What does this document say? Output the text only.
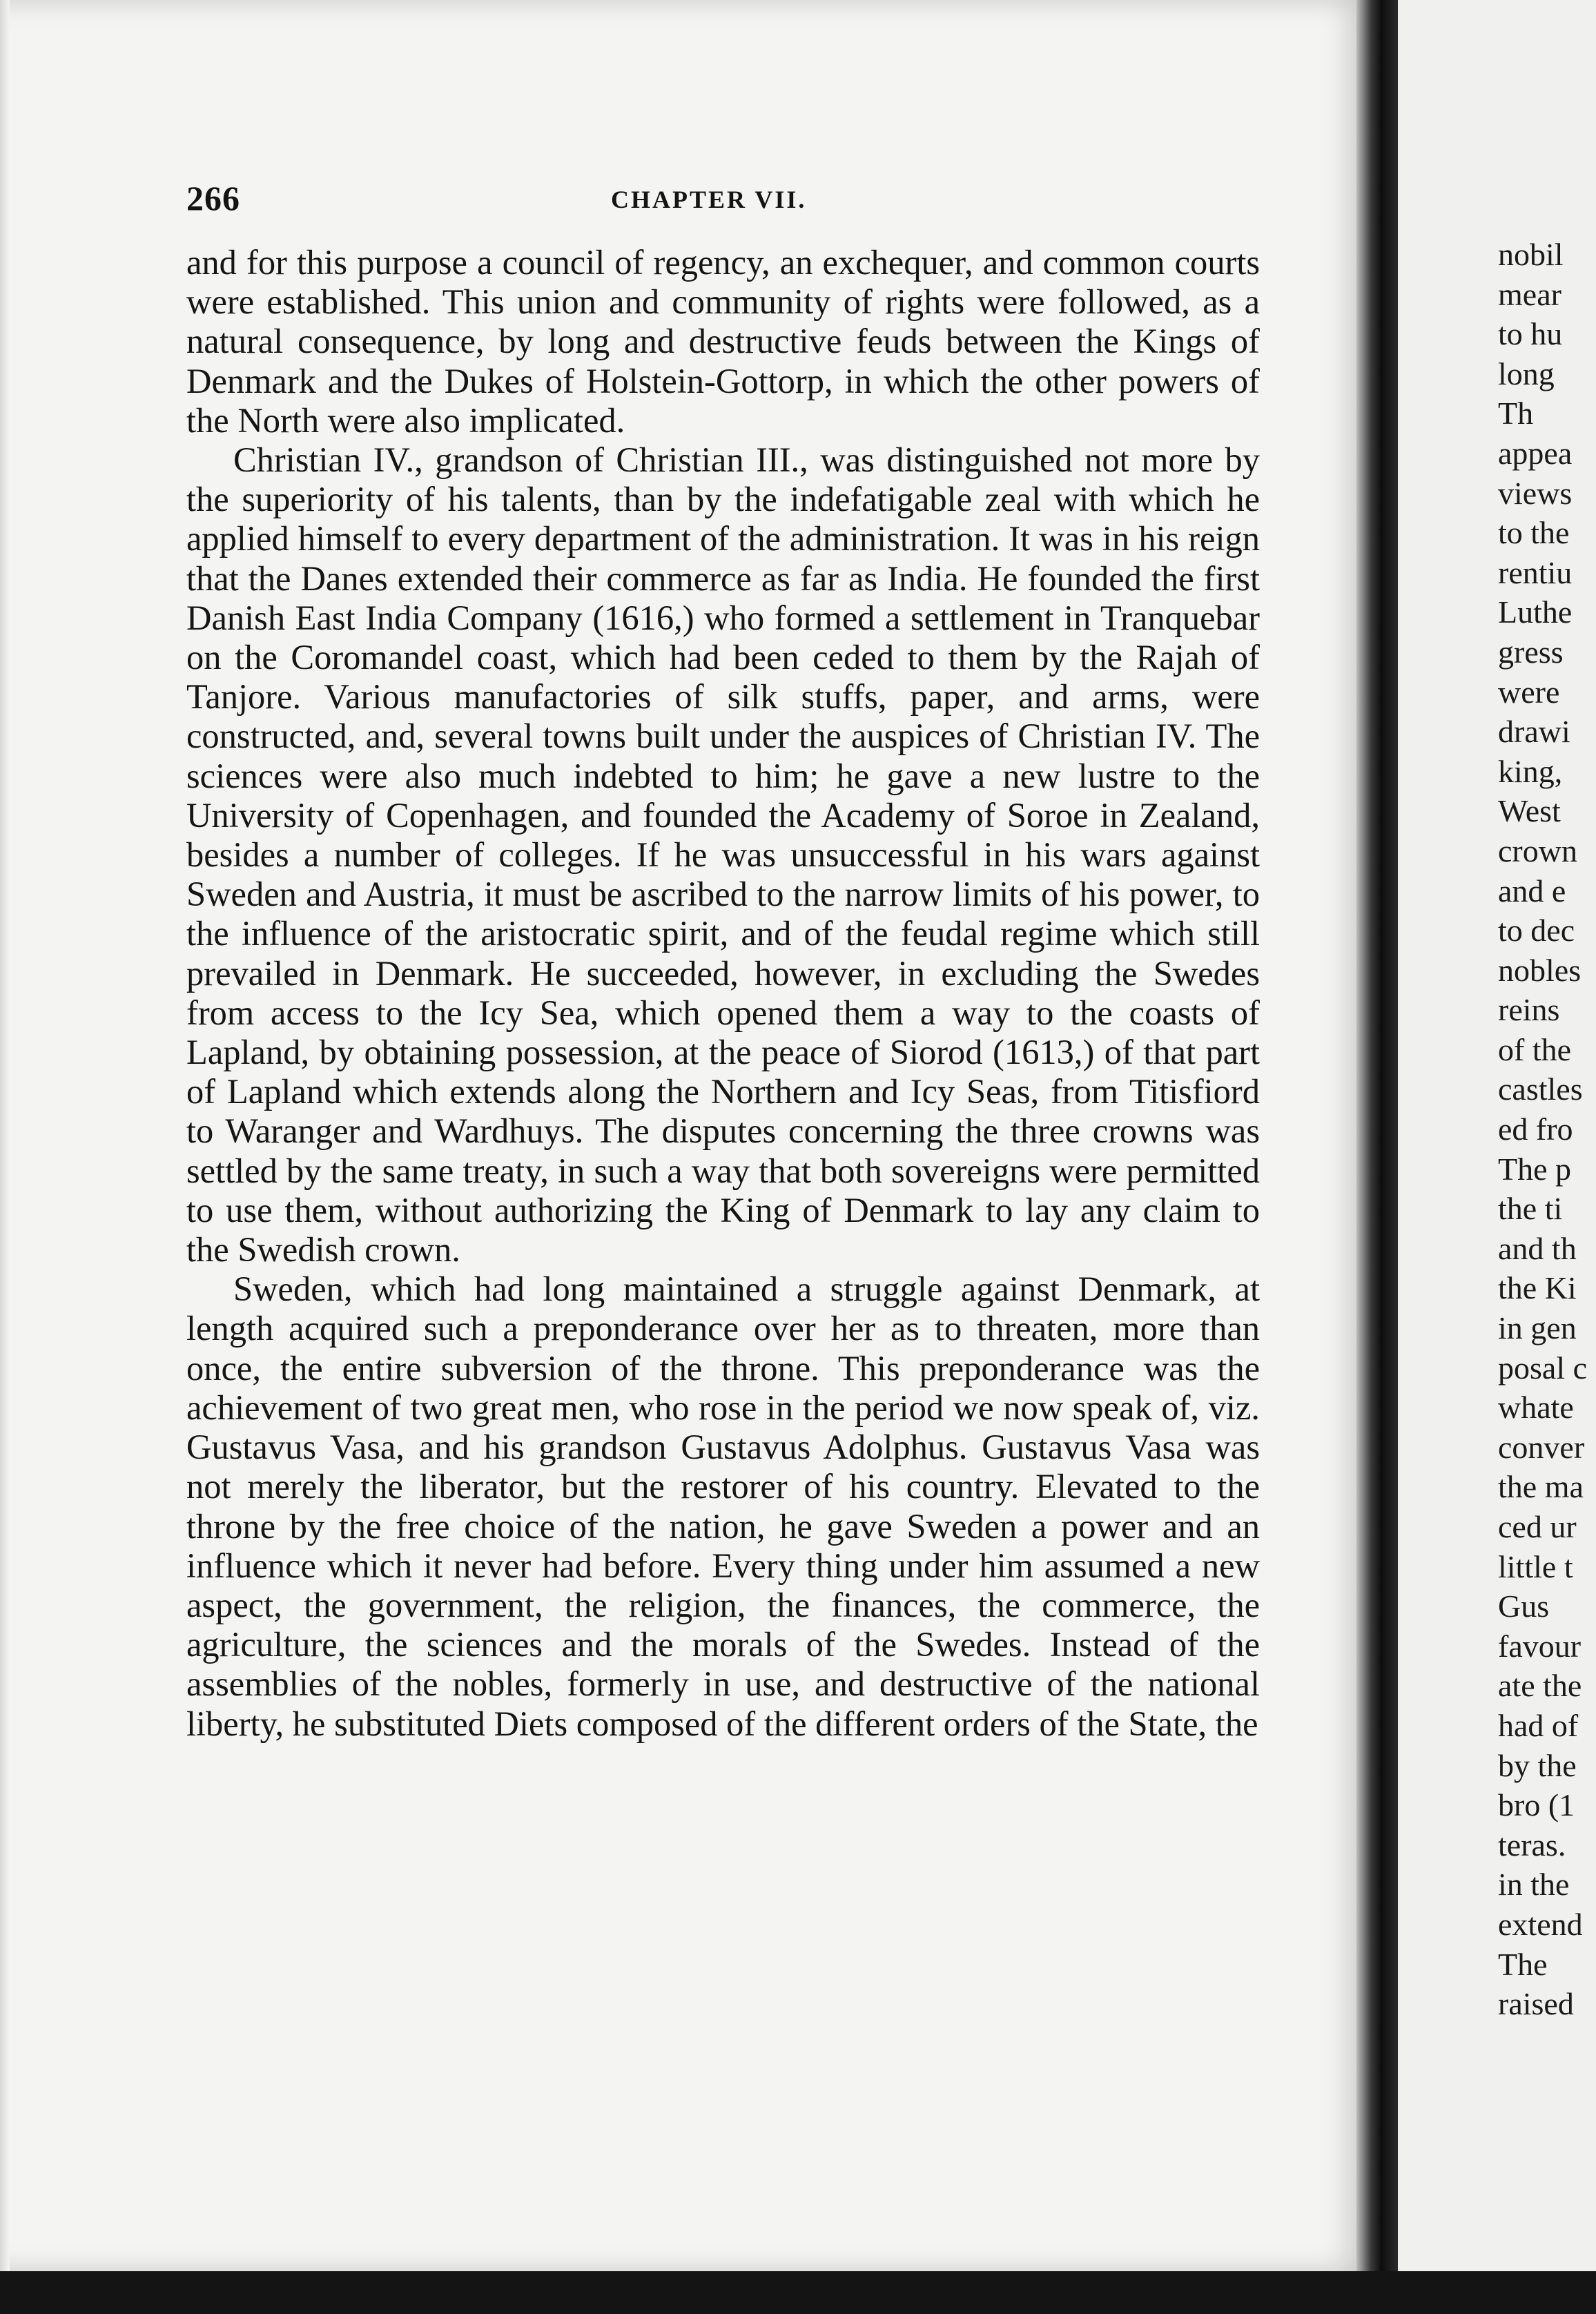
266	CHAPTER VII.

and for this purpose a council of regency, an exchequer, and common courts were established. This union and community of rights were followed, as a natural consequence, by long and destructive feuds between the Kings of Denmark and the Dukes of Holstein-Gottorp, in which the other powers of the North were also implicated.

Christian IV., grandson of Christian III., was distinguished not more by the superiority of his talents, than by the indefatigable zeal with which he applied himself to every department of the administration. It was in his reign that the Danes extended their commerce as far as India. He founded the first Danish East India Company (1616,) who formed a settlement in Tranquebar on the Coromandel coast, which had been ceded to them by the Rajah of Tanjore. Various manufactories of silk stuffs, paper, and arms, were constructed, and, several towns built under the auspices of Christian IV. The sciences were also much indebted to him; he gave a new lustre to the University of Copenhagen, and founded the Academy of Soroe in Zealand, besides a number of colleges. If he was unsuccessful in his wars against Sweden and Austria, it must be ascribed to the narrow limits of his power, to the influence of the aristocratic spirit, and of the feudal regime which still prevailed in Denmark. He succeeded, however, in excluding the Swedes from access to the Icy Sea, which opened them a way to the coasts of Lapland, by obtaining possession, at the peace of Siorod (1613,) of that part of Lapland which extends along the Northern and Icy Seas, from Titisfiord to Waranger and Wardhuys. The disputes concerning the three crowns was settled by the same treaty, in such a way that both sovereigns were permitted to use them, without authorizing the King of Denmark to lay any claim to the Swedish crown.

Sweden, which had long maintained a struggle against Denmark, at length acquired such a preponderance over her as to threaten, more than once, the entire subversion of the throne. This preponderance was the achievement of two great men, who rose in the period we now speak of, viz. Gustavus Vasa, and his grandson Gustavus Adolphus. Gustavus Vasa was not merely the liberator, but the restorer of his country. Elevated to the throne by the free choice of the nation, he gave Sweden a power and an influence which it never had before. Every thing under him assumed a new aspect, the government, the religion, the finances, the commerce, the agriculture, the sciences and the morals of the Swedes. Instead of the assemblies of the nobles, formerly in use, and destructive of the national liberty, he substituted Diets composed of the different orders of the State, the

nobil
mear
to hu
long
Th
appea
views
to the
rentiu
Luthe
gress
were
drawi
king,
West
crown
and e
to dec
nobles
reins
of the
castles
ed fro
The p
the ti
and th
the Ki
in gen
posal c
whate
conver
the ma
ced ur
little t
Gus
favour
ate the
had of
by the
bro (1
teras.
in the
extend
The
raised
